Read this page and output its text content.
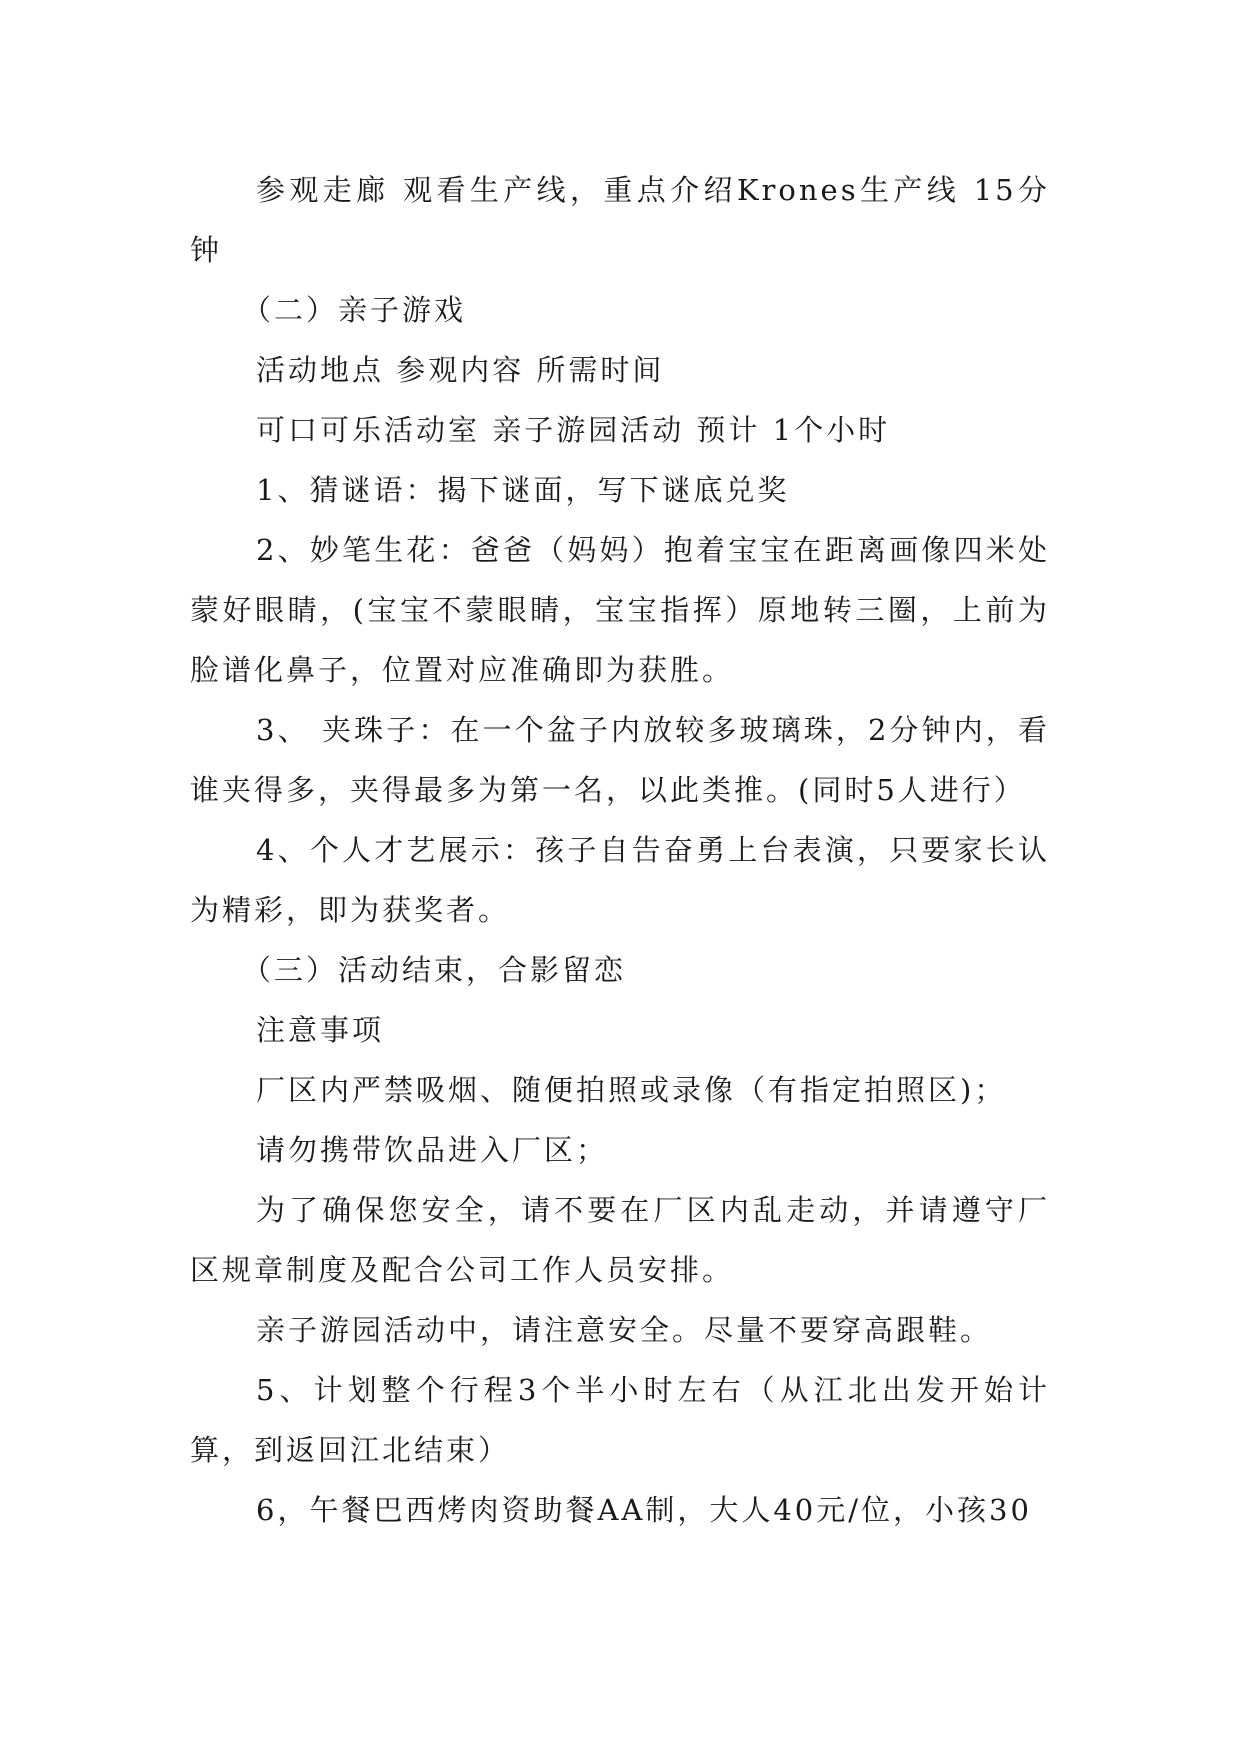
参观走廊 观看生产线，重点介绍Krones生产线 15分钟

（二）亲子游戏

活动地点 参观内容 所需时间

可口可乐活动室 亲子游园活动 预计 1个小时

1、猜谜语：揭下谜面，写下谜底兑奖

2、妙笔生花：爸爸（妈妈）抱着宝宝在距离画像四米处蒙好眼睛，(宝宝不蒙眼睛，宝宝指挥）原地转三圈，上前为脸谱化鼻子，位置对应准确即为获胜。

3、 夹珠子：在一个盆子内放较多玻璃珠，2分钟内，看谁夹得多，夹得最多为第一名，以此类推。(同时5人进行）

4、个人才艺展示：孩子自告奋勇上台表演，只要家长认为精彩，即为获奖者。

（三）活动结束，合影留恋

注意事项

厂区内严禁吸烟、随便拍照或录像（有指定拍照区)；

请勿携带饮品进入厂区；

为了确保您安全，请不要在厂区内乱走动，并请遵守厂区规章制度及配合公司工作人员安排。

亲子游园活动中，请注意安全。尽量不要穿高跟鞋。

5、计划整个行程3个半小时左右（从江北出发开始计算，到返回江北结束）

6，午餐巴西烤肉资助餐AA制，大人40元/位，小孩30
